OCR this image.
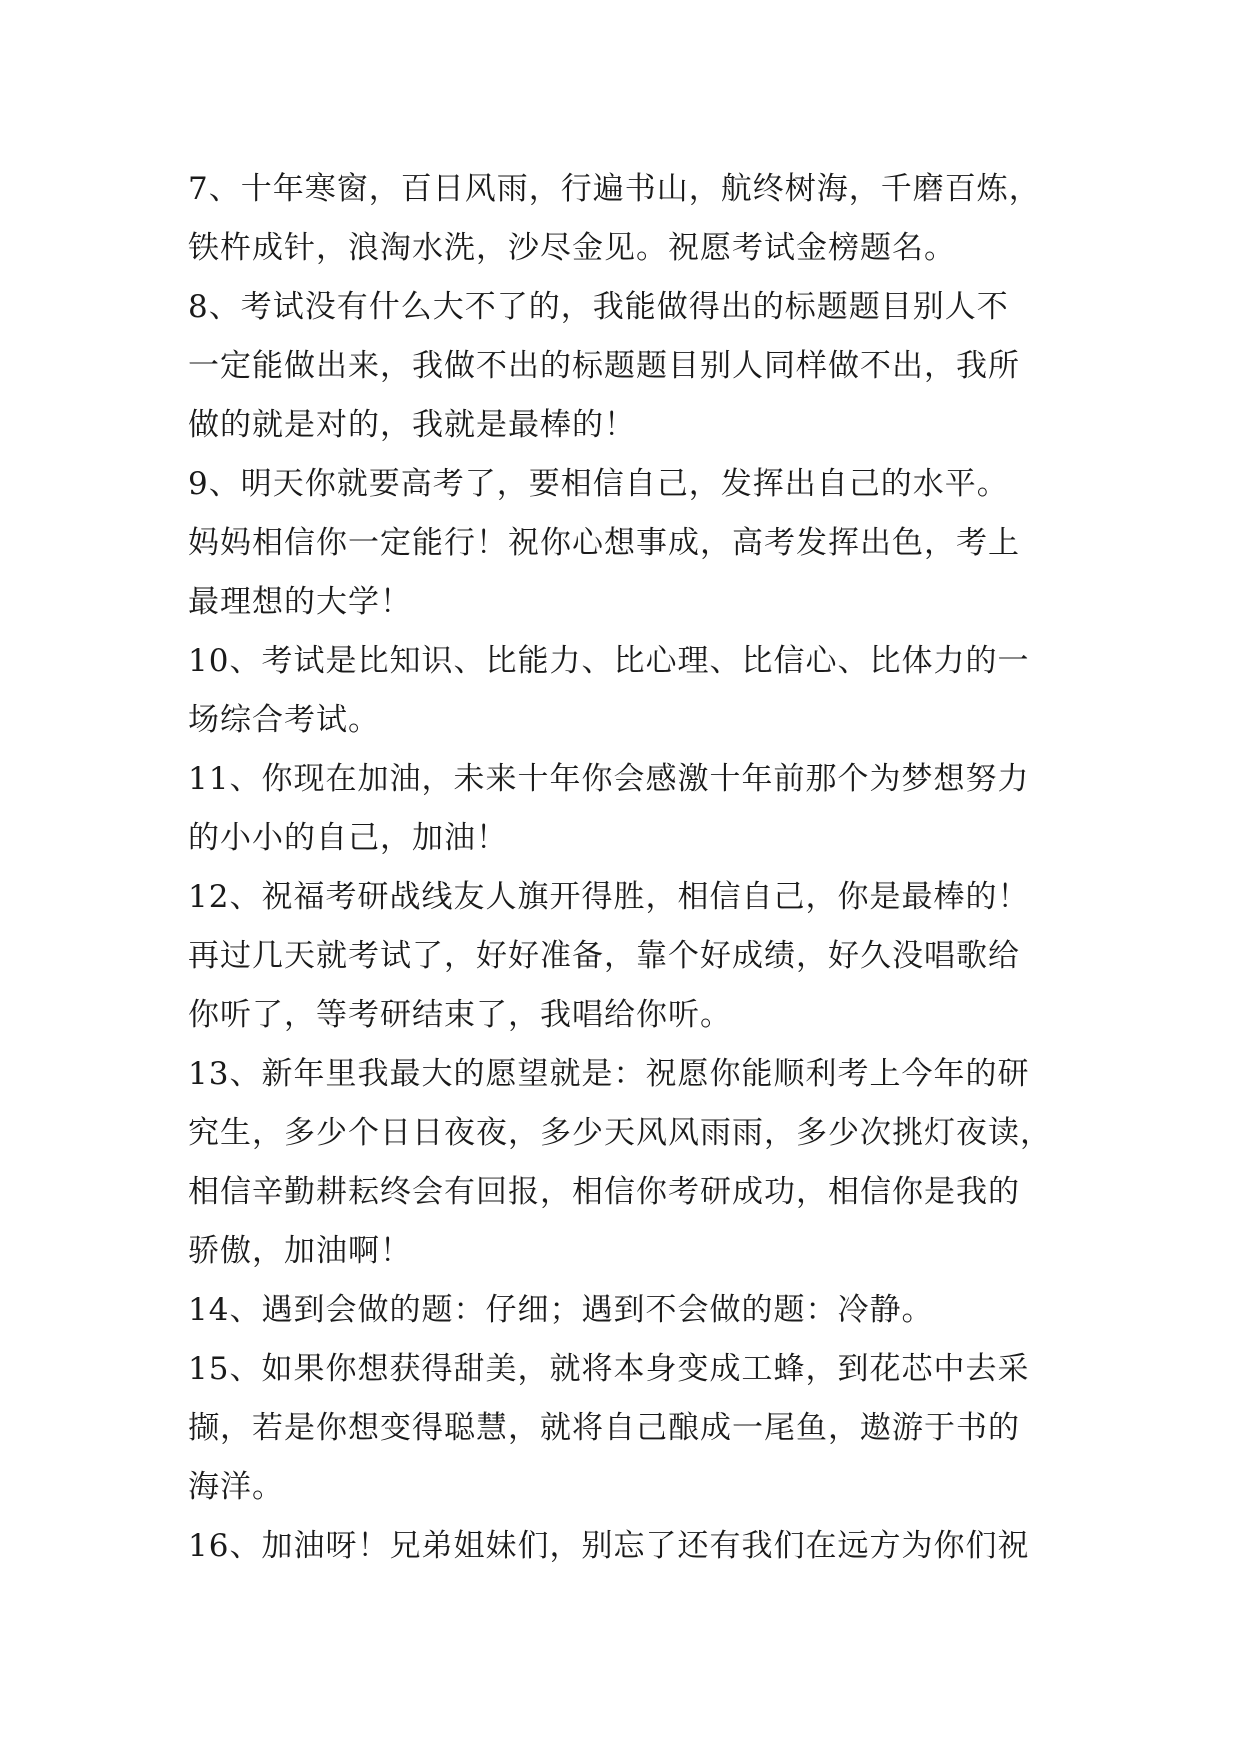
7、十年寒窗，百日风雨，行遍书山，航终树海，千磨百炼，
铁杵成针，浪淘水洗，沙尽金见。祝愿考试金榜题名。

8、考试没有什么大不了的，我能做得出的标题题目别人不
一定能做出来，我做不出的标题题目别人同样做不出，我所
做的就是对的，我就是最棒的！

9、明天你就要高考了，要相信自己，发挥出自己的水平。
妈妈相信你一定能行！祝你心想事成，高考发挥出色，考上
最理想的大学！

10、考试是比知识、比能力、比心理、比信心、比体力的一
场综合考试。

11、你现在加油，未来十年你会感激十年前那个为梦想努力
的小小的自己，加油！

12、祝福考研战线友人旗开得胜，相信自己，你是最棒的！
再过几天就考试了，好好准备，靠个好成绩，好久没唱歌给
你听了，等考研结束了，我唱给你听。

13、新年里我最大的愿望就是：祝愿你能顺利考上今年的研
究生，多少个日日夜夜，多少天风风雨雨，多少次挑灯夜读，
相信辛勤耕耘终会有回报，相信你考研成功，相信你是我的
骄傲，加油啊！

14、遇到会做的题：仔细；遇到不会做的题：冷静。

15、如果你想获得甜美，就将本身变成工蜂，到花芯中去采
撷，若是你想变得聪慧，就将自己酿成一尾鱼，遨游于书的
海洋。

16、加油呀！兄弟姐妹们，别忘了还有我们在远方为你们祝
